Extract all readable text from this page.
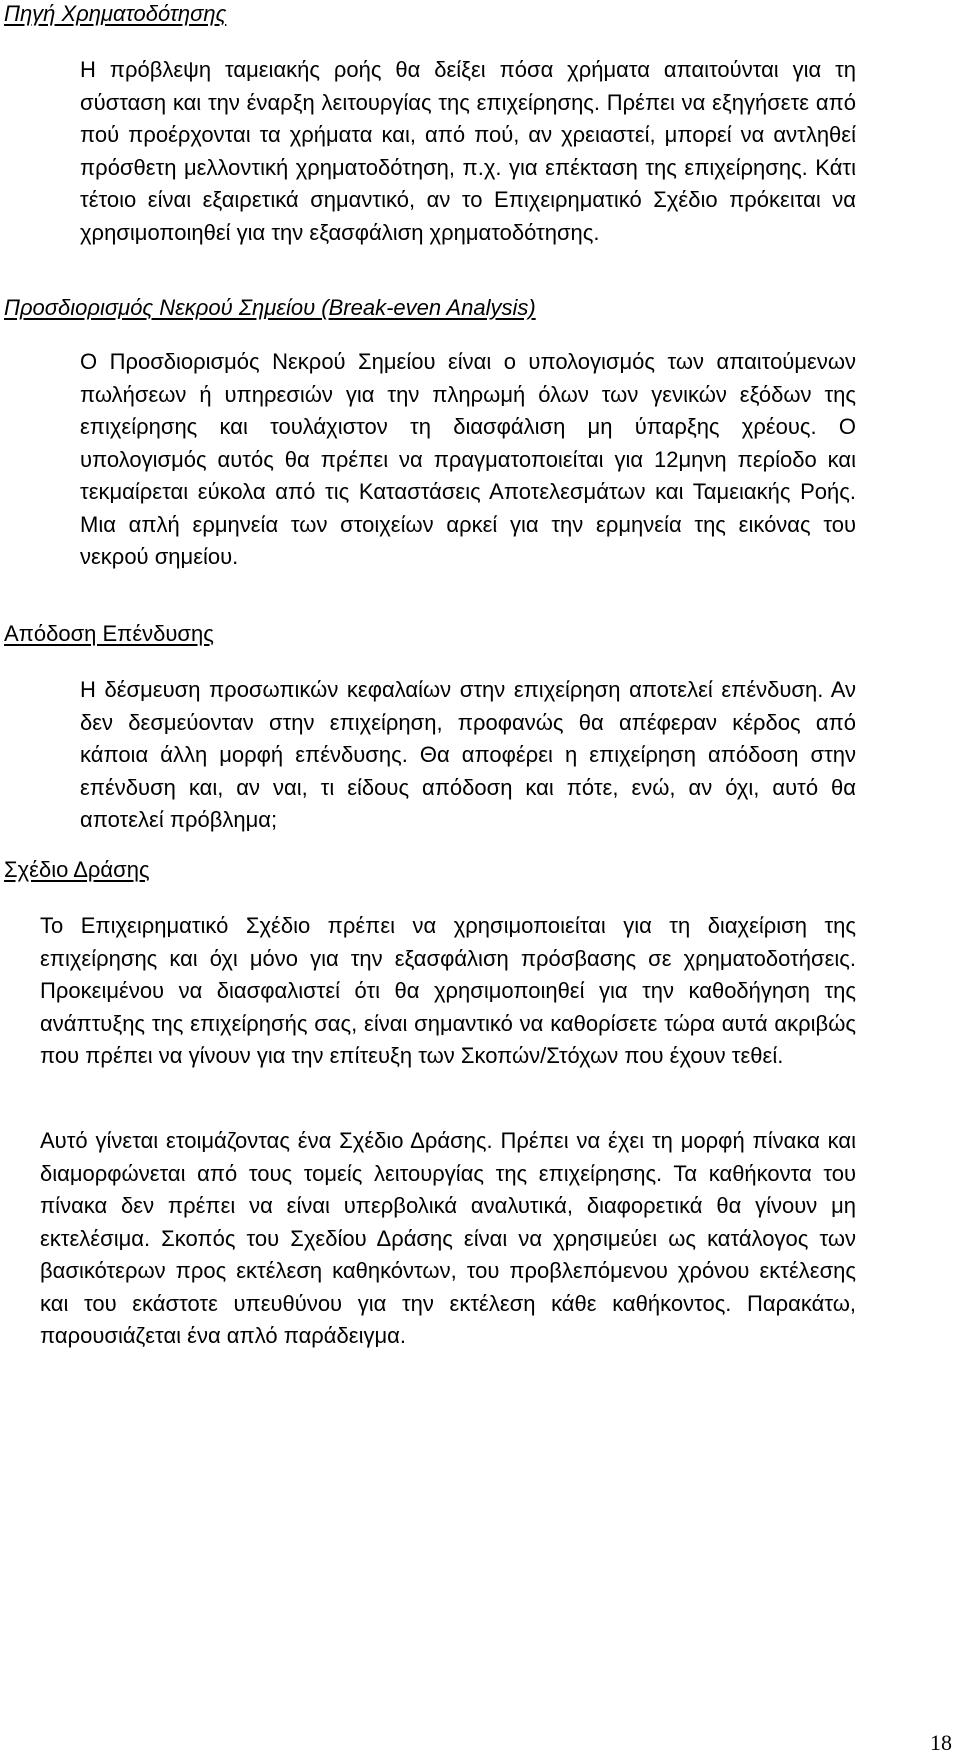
Πηγή Χρηματοδότησης

Η πρόβλεψη ταμειακής ροής θα δείξει πόσα χρήματα απαιτούνται για τη σύσταση και την έναρξη λειτουργίας της επιχείρησης. Πρέπει να εξηγήσετε από πού προέρχονται τα χρήματα και, από πού, αν χρειαστεί, μπορεί να αντληθεί πρόσθετη μελλοντική χρηματοδότηση, π.χ. για επέκταση της επιχείρησης. Κάτι τέτοιο είναι εξαιρετικά σημαντικό, αν το Επιχειρηματικό Σχέδιο πρόκειται να χρησιμοποιηθεί για την εξασφάλιση χρηματοδότησης.

Προσδιορισμός Νεκρού Σημείου (Break-even Analysis)

Ο Προσδιορισμός Νεκρού Σημείου είναι ο υπολογισμός των απαιτούμενων πωλήσεων ή υπηρεσιών για την πληρωμή όλων των γενικών εξόδων της επιχείρησης και τουλάχιστον τη διασφάλιση μη ύπαρξης χρέους. Ο υπολογισμός αυτός θα πρέπει να πραγματοποιείται για 12μηνη περίοδο και τεκμαίρεται εύκολα από τις Καταστάσεις Αποτελεσμάτων και Ταμειακής Ροής. Μια απλή ερμηνεία των στοιχείων αρκεί για την ερμηνεία της εικόνας του νεκρού σημείου.

Απόδοση Επένδυσης

Η δέσμευση προσωπικών κεφαλαίων στην επιχείρηση αποτελεί επένδυση. Αν δεν δεσμεύονταν στην επιχείρηση, προφανώς θα απέφεραν κέρδος από κάποια άλλη μορφή επένδυσης. Θα αποφέρει η επιχείρηση απόδοση στην επένδυση και, αν ναι, τι είδους απόδοση και πότε, ενώ, αν όχι, αυτό θα αποτελεί πρόβλημα;

Σχέδιο Δράσης

Το Επιχειρηματικό Σχέδιο πρέπει να χρησιμοποιείται για τη διαχείριση της επιχείρησης και όχι μόνο για την εξασφάλιση πρόσβασης σε χρηματοδοτήσεις. Προκειμένου να διασφαλιστεί ότι θα χρησιμοποιηθεί για την καθοδήγηση της ανάπτυξης της επιχείρησής σας, είναι σημαντικό να καθορίσετε τώρα αυτά ακριβώς που πρέπει να γίνουν για την επίτευξη των Σκοπών/Στόχων που έχουν τεθεί.

Αυτό γίνεται ετοιμάζοντας ένα Σχέδιο Δράσης. Πρέπει να έχει τη μορφή πίνακα και διαμορφώνεται από τους τομείς λειτουργίας της επιχείρησης. Τα καθήκοντα του πίνακα δεν πρέπει να είναι υπερβολικά αναλυτικά, διαφορετικά θα γίνουν μη εκτελέσιμα. Σκοπός του Σχεδίου Δράσης είναι να χρησιμεύει ως κατάλογος των βασικότερων προς εκτέλεση καθηκόντων, του προβλεπόμενου χρόνου εκτέλεσης και του εκάστοτε υπευθύνου για την εκτέλεση κάθε καθήκοντος. Παρακάτω, παρουσιάζεται ένα απλό παράδειγμα.

18
